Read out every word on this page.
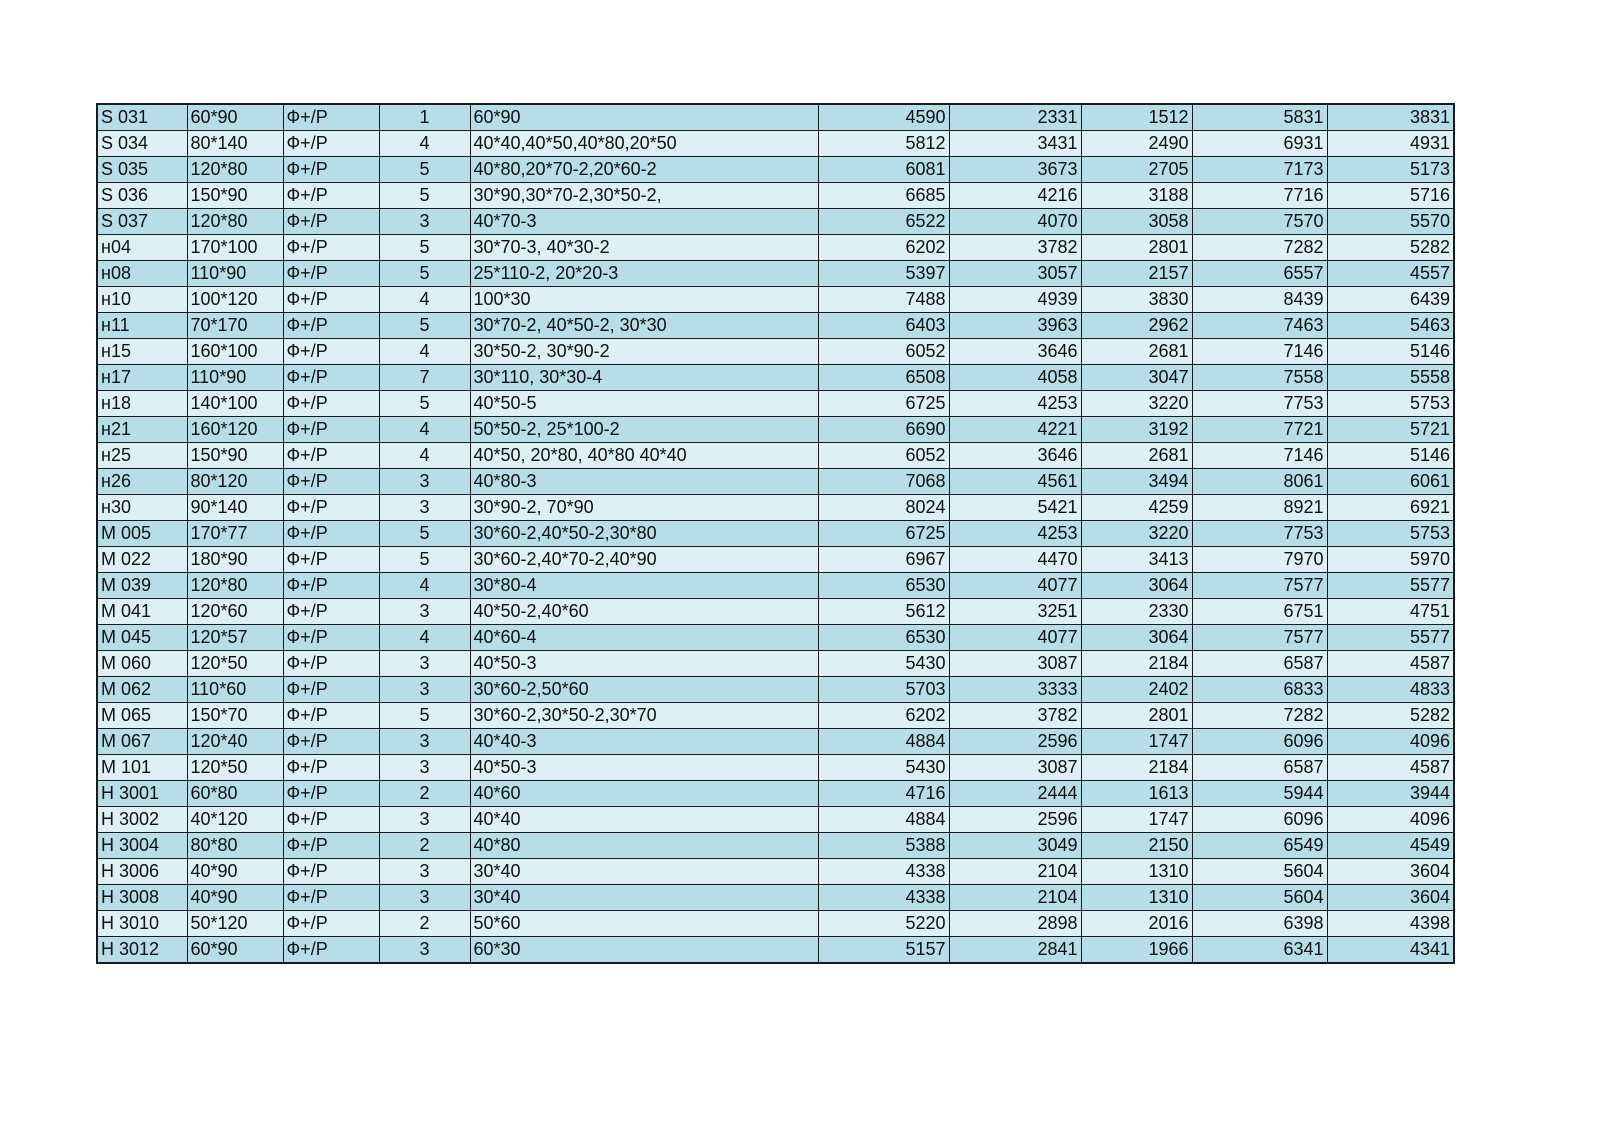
S 031	60*90	Ф+/Р	1	60*90	4590	2331	1512	5831	3831
S 034	80*140	Ф+/Р	4	40*40,40*50,40*80,20*50	5812	3431	2490	6931	4931
S 035	120*80	Ф+/Р	5	40*80,20*70-2,20*60-2	6081	3673	2705	7173	5173
S 036	150*90	Ф+/Р	5	30*90,30*70-2,30*50-2,	6685	4216	3188	7716	5716
S 037	120*80	Ф+/Р	3	40*70-3	6522	4070	3058	7570	5570
н04	170*100	Ф+/Р	5	30*70-3, 40*30-2	6202	3782	2801	7282	5282
н08	110*90	Ф+/Р	5	25*110-2, 20*20-3	5397	3057	2157	6557	4557
н10	100*120	Ф+/Р	4	100*30	7488	4939	3830	8439	6439
н11	70*170	Ф+/Р	5	30*70-2, 40*50-2, 30*30	6403	3963	2962	7463	5463
н15	160*100	Ф+/Р	4	30*50-2, 30*90-2	6052	3646	2681	7146	5146
н17	110*90	Ф+/Р	7	30*110, 30*30-4	6508	4058	3047	7558	5558
н18	140*100	Ф+/Р	5	40*50-5	6725	4253	3220	7753	5753
н21	160*120	Ф+/Р	4	50*50-2, 25*100-2	6690	4221	3192	7721	5721
н25	150*90	Ф+/Р	4	40*50, 20*80, 40*80 40*40	6052	3646	2681	7146	5146
н26	80*120	Ф+/Р	3	40*80-3	7068	4561	3494	8061	6061
н30	90*140	Ф+/Р	3	30*90-2, 70*90	8024	5421	4259	8921	6921
M 005	170*77	Ф+/Р	5	30*60-2,40*50-2,30*80	6725	4253	3220	7753	5753
M 022	180*90	Ф+/Р	5	30*60-2,40*70-2,40*90	6967	4470	3413	7970	5970
M 039	120*80	Ф+/Р	4	30*80-4	6530	4077	3064	7577	5577
M 041	120*60	Ф+/Р	3	40*50-2,40*60	5612	3251	2330	6751	4751
M 045	120*57	Ф+/Р	4	40*60-4	6530	4077	3064	7577	5577
M 060	120*50	Ф+/Р	3	40*50-3	5430	3087	2184	6587	4587
M 062	110*60	Ф+/Р	3	30*60-2,50*60	5703	3333	2402	6833	4833
M 065	150*70	Ф+/Р	5	30*60-2,30*50-2,30*70	6202	3782	2801	7282	5282
M 067	120*40	Ф+/Р	3	40*40-3	4884	2596	1747	6096	4096
M 101	120*50	Ф+/Р	3	40*50-3	5430	3087	2184	6587	4587
H 3001	60*80	Ф+/Р	2	40*60	4716	2444	1613	5944	3944
H 3002	40*120	Ф+/Р	3	40*40	4884	2596	1747	6096	4096
H 3004	80*80	Ф+/Р	2	40*80	5388	3049	2150	6549	4549
H 3006	40*90	Ф+/Р	3	30*40	4338	2104	1310	5604	3604
H 3008	40*90	Ф+/Р	3	30*40	4338	2104	1310	5604	3604
H 3010	50*120	Ф+/Р	2	50*60	5220	2898	2016	6398	4398
H 3012	60*90	Ф+/Р	3	60*30	5157	2841	1966	6341	4341
